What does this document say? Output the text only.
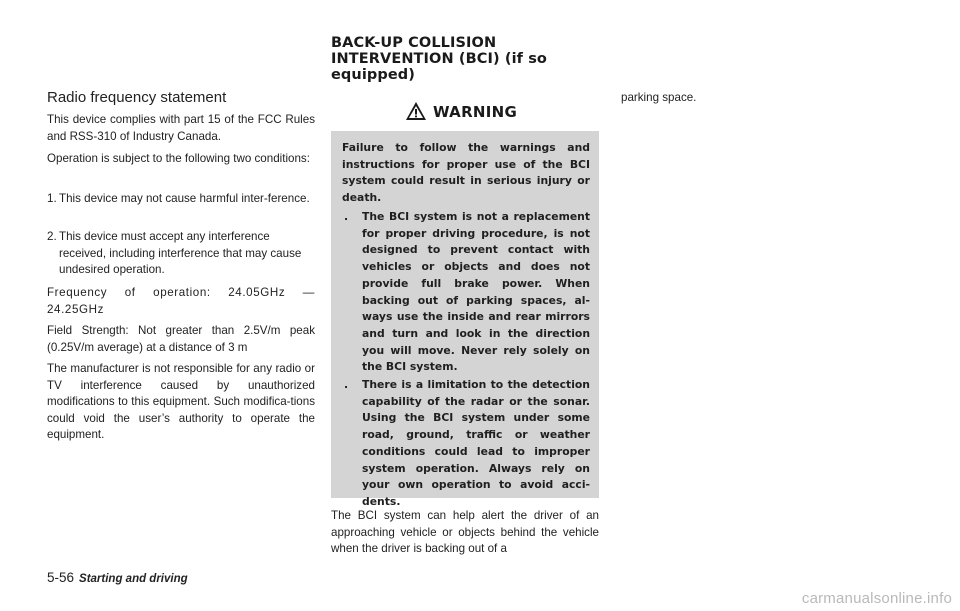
BACK-UP COLLISION
INTERVENTION (BCI) (if so
equipped)
Radio frequency statement

This device complies with part 15 of the FCC Rules and RSS-310 of Industry Canada.

Operation is subject to the following two conditions:

1. This device may not cause harmful inter-ference.
2. This device must accept any interference received, including interference that may cause undesired operation.

Frequency of operation: 24.05GHz — 24.25GHz

Field Strength: Not greater than 2.5V/m peak (0.25V/m average) at a distance of 3 m

The manufacturer is not responsible for any radio or TV interference caused by unauthorized modifications to this equipment. Such modifica-tions could void the user’s authority to operate the equipment.

WARNING

Failure to follow the warnings and instructions for proper use of the BCI system could result in serious injury or death.

.	The BCI system is not a replacement for proper driving procedure, is not designed to prevent contact with vehicles or objects and does not provide full brake power. When backing out of parking spaces, al-ways use the inside and rear mirrors and turn and look in the direction you will move. Never rely solely on the BCI system.
.	There is a limitation to the detection capability of the radar or the sonar. Using the BCI system under some road, ground, traffic or weather conditions could lead to improper system operation. Always rely on your own operation to avoid acci-dents.

The BCI system can help alert the driver of an approaching vehicle or objects behind the vehicle when the driver is backing out of a

parking space.

5-56 Starting and driving
carmanualsonline.info
